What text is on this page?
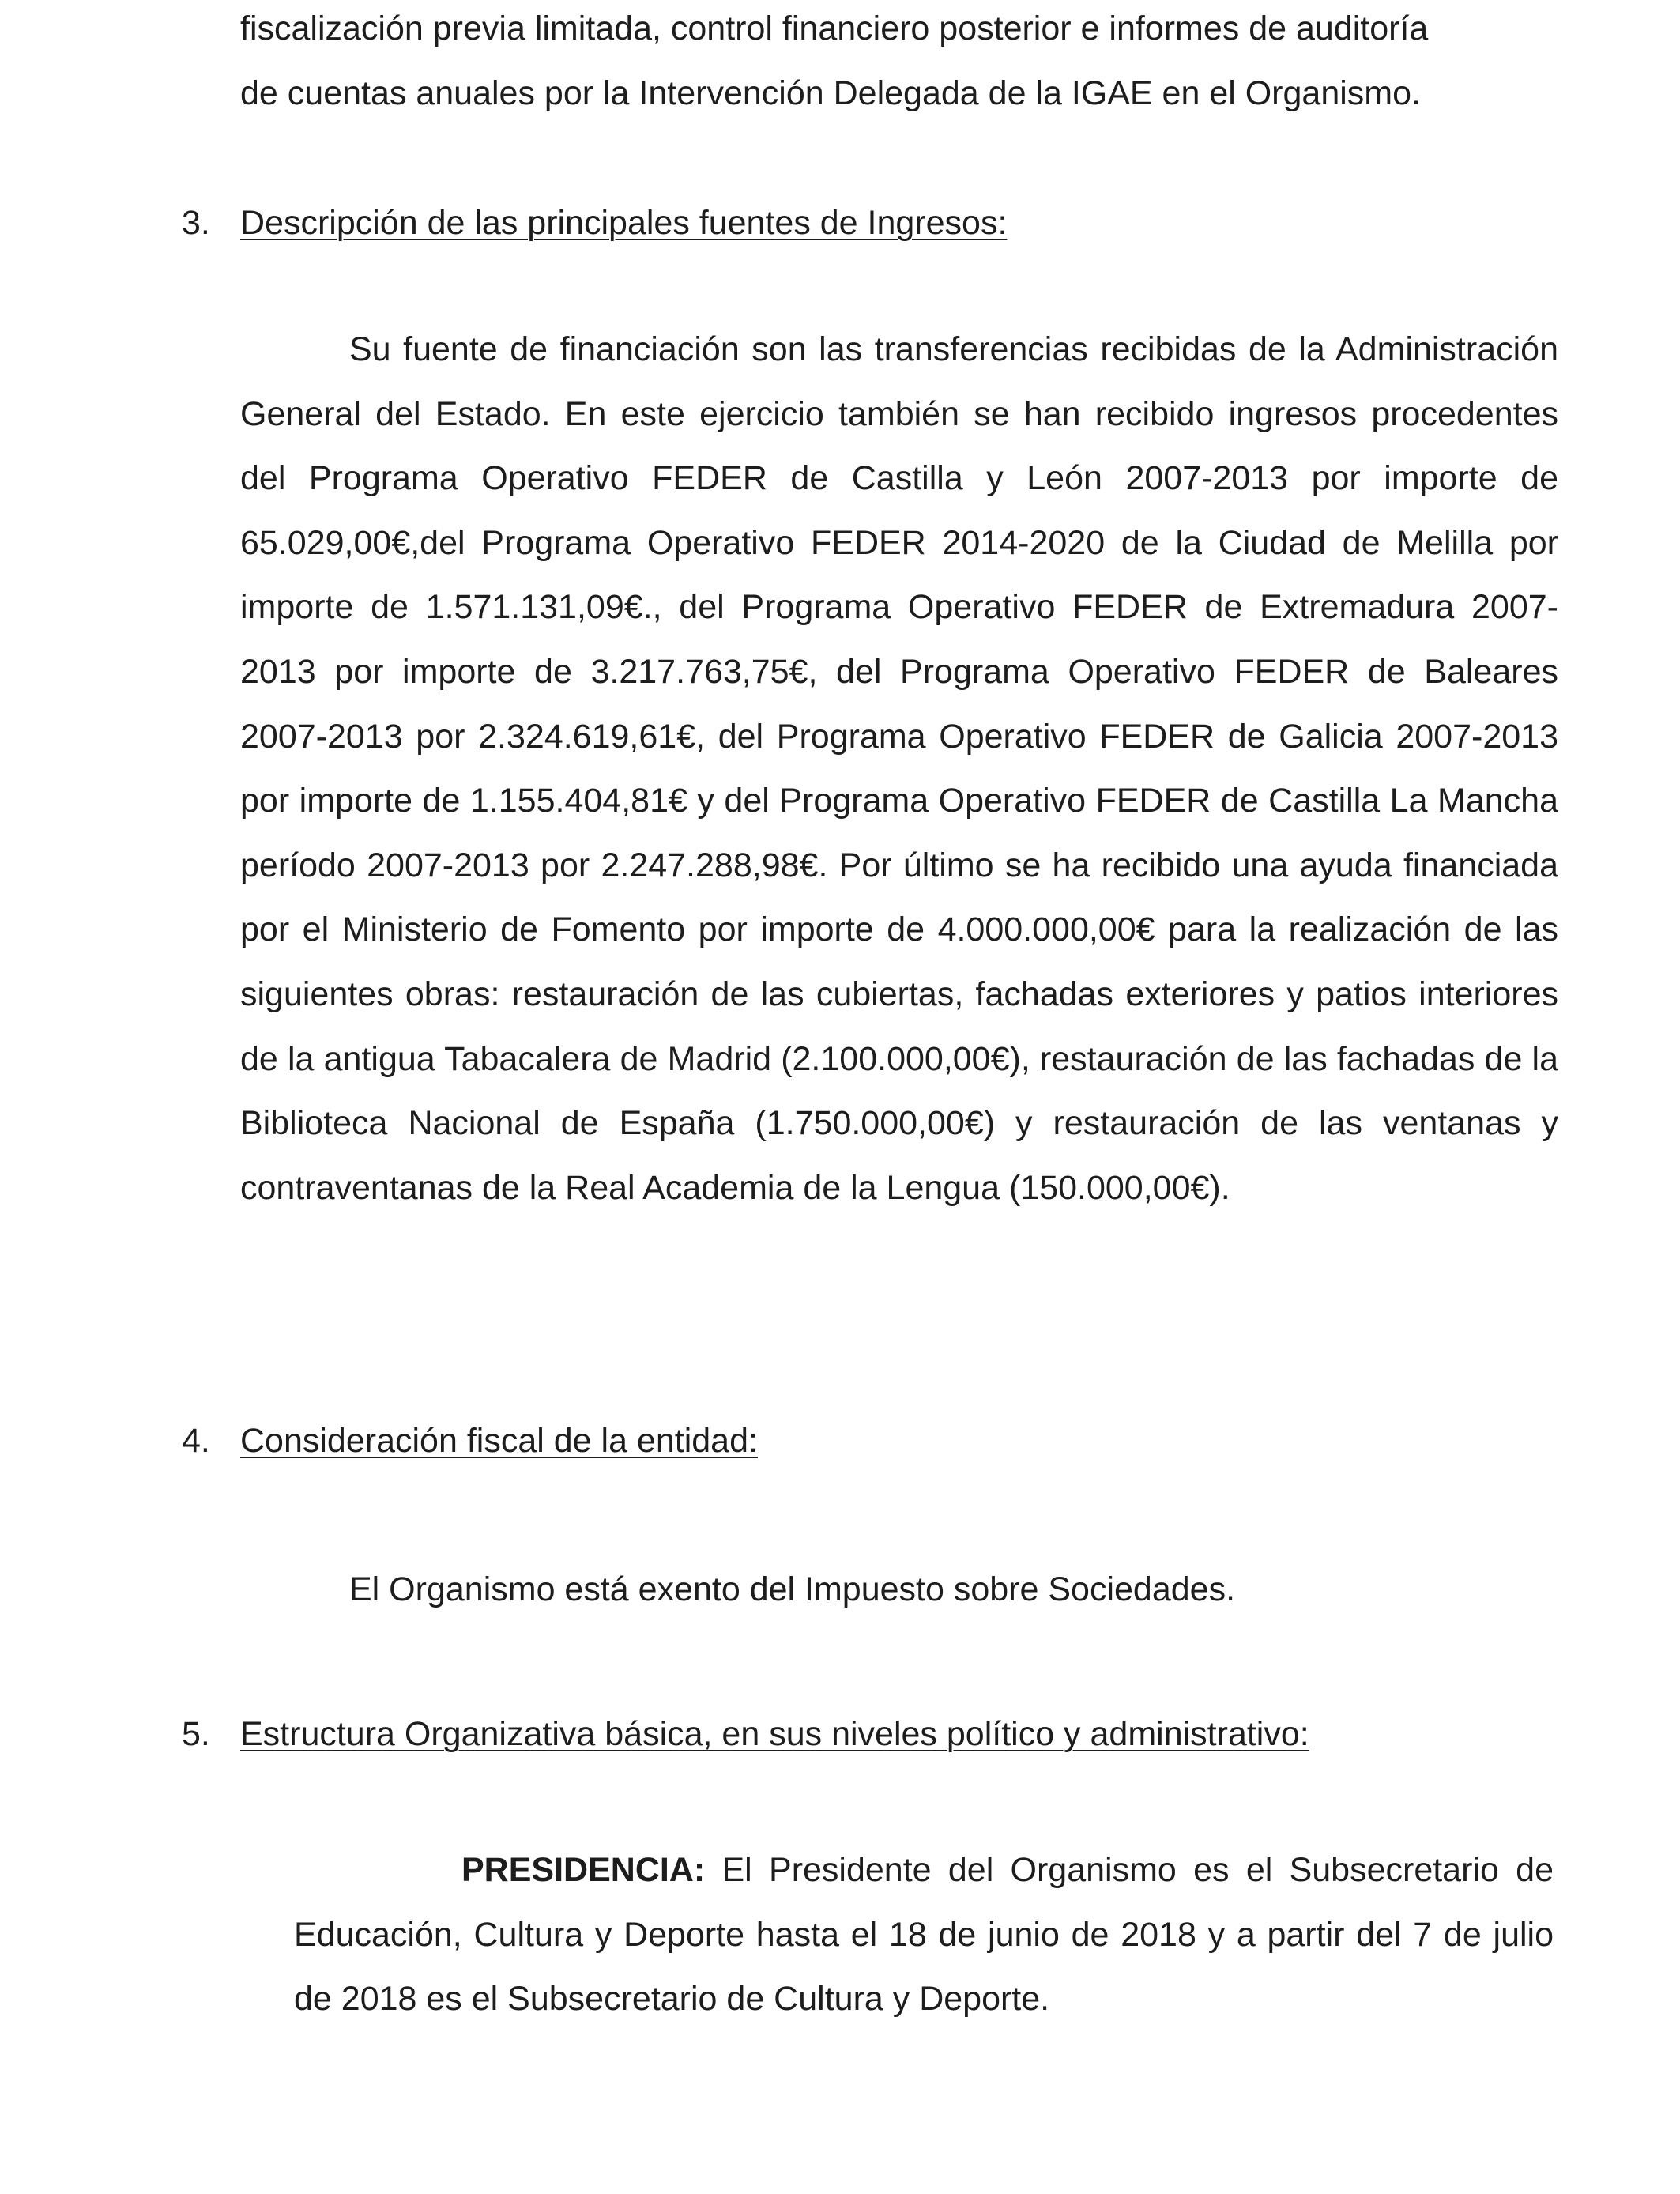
fiscalización previa limitada, control financiero posterior e informes de auditoría
de cuentas anuales por la Intervención Delegada de la IGAE en el Organismo.
3. Descripción de las principales fuentes de Ingresos:

Su fuente de financiación son las transferencias recibidas de la Administración General del Estado. En este ejercicio también se han recibido ingresos procedentes del Programa Operativo FEDER de Castilla y León 2007-2013 por importe de 65.029,00€,del Programa Operativo FEDER 2014-2020 de la Ciudad de Melilla por importe de 1.571.131,09€., del Programa Operativo FEDER de Extremadura 2007-2013 por importe de 3.217.763,75€, del Programa Operativo FEDER de Baleares 2007-2013 por 2.324.619,61€, del Programa Operativo FEDER de Galicia 2007-2013 por importe de 1.155.404,81€ y del Programa Operativo FEDER de Castilla La Mancha período 2007-2013 por 2.247.288,98€. Por último se ha recibido una ayuda financiada por el Ministerio de Fomento por importe de 4.000.000,00€ para la realización de las siguientes obras: restauración de las cubiertas, fachadas exteriores y patios interiores de la antigua Tabacalera de Madrid (2.100.000,00€), restauración de las fachadas de la Biblioteca Nacional de España (1.750.000,00€) y restauración de las ventanas y contraventanas de la Real Academia de la Lengua (150.000,00€).

4. Consideración fiscal de la entidad:
El Organismo está exento del Impuesto sobre Sociedades.
5. Estructura Organizativa básica, en sus niveles político y administrativo:

PRESIDENCIA: El Presidente del Organismo es el Subsecretario de Educación, Cultura y Deporte hasta el 18 de junio de 2018 y a partir del 7 de julio de 2018 es el Subsecretario de Cultura y Deporte.
